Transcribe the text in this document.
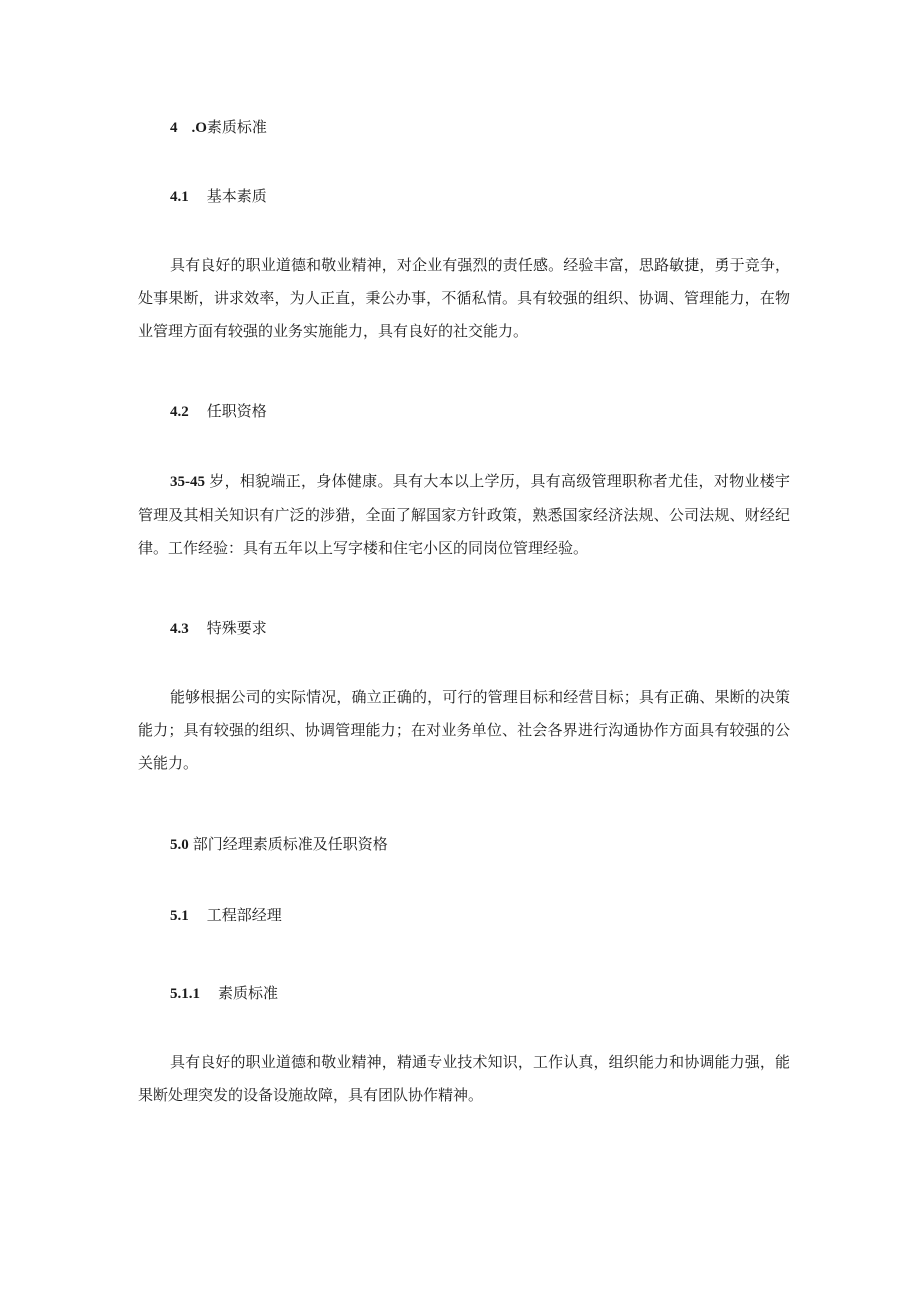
4 .O素质标准
4.1 基本素质

具有良好的职业道德和敬业精神，对企业有强烈的责任感。经验丰富，思路敏捷，勇于竞争，处事果断，讲求效率，为人正直，秉公办事，不循私情。具有较强的组织、协调、管理能力，在物业管理方面有较强的业务实施能力，具有良好的社交能力。

4.2 任职资格

35-45 岁，相貌端正，身体健康。具有大本以上学历，具有高级管理职称者尤佳，对物业楼宇管理及其相关知识有广泛的涉猎，全面了解国家方针政策，熟悉国家经济法规、公司法规、财经纪律。工作经验：具有五年以上写字楼和住宅小区的同岗位管理经验。

4.3 特殊要求

能够根据公司的实际情况，确立正确的，可行的管理目标和经营目标；具有正确、果断的决策能力；具有较强的组织、协调管理能力；在对业务单位、社会各界进行沟通协作方面具有较强的公关能力。

5.0 部门经理素质标准及任职资格
5.1 工程部经理
5.1.1 素质标准

具有良好的职业道德和敬业精神，精通专业技术知识，工作认真，组织能力和协调能力强，能果断处理突发的设备设施故障，具有团队协作精神。
